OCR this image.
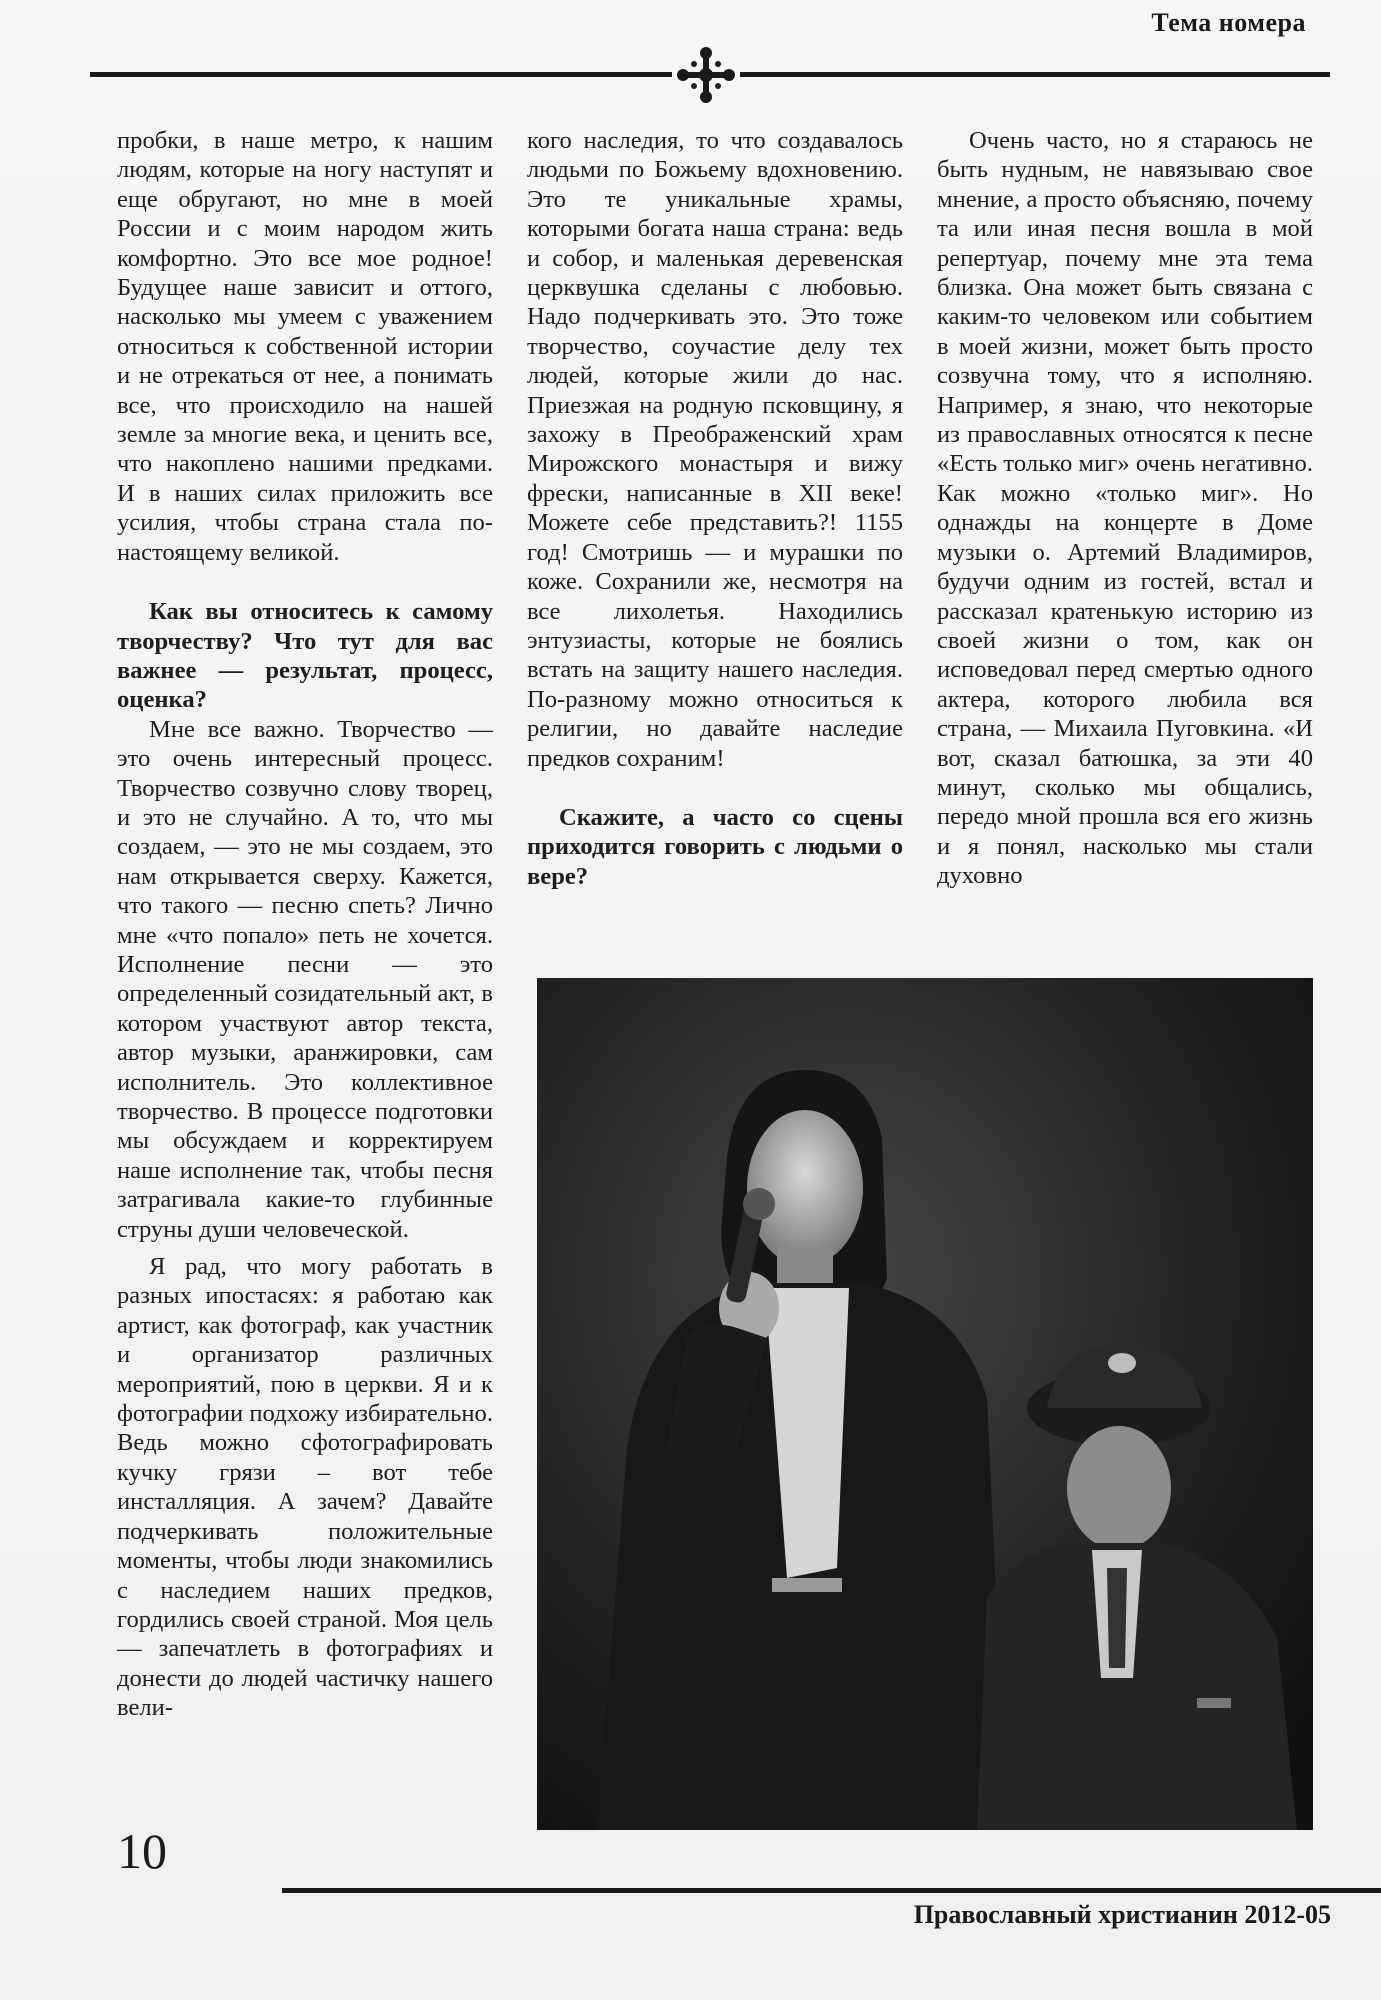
Тема номера

пробки, в наше метро, к нашим людям, которые на ногу наступят и еще обругают, но мне в моей России и с моим народом жить комфортно. Это все мое родное! Будущее наше зависит и оттого, насколько мы умеем с уважением относиться к собственной истории и не отрекаться от нее, а понимать все, что происходило на нашей земле за многие века, и ценить все, что накоплено нашими предками. И в наших силах приложить все усилия, чтобы страна стала по-настоящему великой.

Как вы относитесь к самому творчеству? Что тут для вас важнее — результат, процесс, оценка?

Мне все важно. Творчество — это очень интересный процесс. Творчество созвучно слову творец, и это не случайно. А то, что мы создаем, — это не мы создаем, это нам открывается сверху. Кажется, что такого — песню спеть? Лично мне «что попало» петь не хочется. Исполнение песни — это определенный созидательный акт, в котором участвуют автор текста, автор музыки, аранжировки, сам исполнитель. Это коллективное творчество. В процессе подготовки мы обсуждаем и корректируем наше исполнение так, чтобы песня затрагивала какие-то глубинные струны души человеческой.

Я рад, что могу работать в разных ипостасях: я работаю как артист, как фотограф, как участник и организатор различных мероприятий, пою в церкви. Я и к фотографии подхожу избирательно. Ведь можно сфотографировать кучку грязи – вот тебе инсталляция. А зачем? Давайте подчеркивать положительные моменты, чтобы люди знакомились с наследием наших предков, гордились своей страной. Моя цель — запечатлеть в фотографиях и донести до людей частичку нашего вели-

кого наследия, то что создавалось людьми по Божьему вдохновению. Это те уникальные храмы, которыми богата наша страна: ведь и собор, и маленькая деревенская церквушка сделаны с любовью. Надо подчеркивать это. Это тоже творчество, соучастие делу тех людей, которые жили до нас. Приезжая на родную псковщину, я захожу в Преображенский храм Мирожского монастыря и вижу фрески, написанные в XII веке! Можете себе представить?! 1155 год! Смотришь — и мурашки по коже. Сохранили же, несмотря на все лихолетья. Находились энтузиасты, которые не боялись встать на защиту нашего наследия. По-разному можно относиться к религии, но давайте наследие предков сохраним!

Скажите, а часто со сцены приходится говорить с людьми о вере?

Очень часто, но я стараюсь не быть нудным, не навязываю свое мнение, а просто объясняю, почему та или иная песня вошла в мой репертуар, почему мне эта тема близка. Она может быть связана с каким-то человеком или событием в моей жизни, может быть просто созвучна тому, что я исполняю. Например, я знаю, что некоторые из православных относятся к песне «Есть только миг» очень негативно. Как можно «только миг». Но однажды на концерте в Доме музыки о. Артемий Владимиров, будучи одним из гостей, встал и рассказал кратенькую историю из своей жизни о том, как он исповедовал перед смертью одного актера, которого любила вся страна, — Михаила Пуговкина. «И вот, сказал батюшка, за эти 40 минут, сколько мы общались, передо мной прошла вся его жизнь и я понял, насколько мы стали духовно

10
Православный христианин 2012-05
